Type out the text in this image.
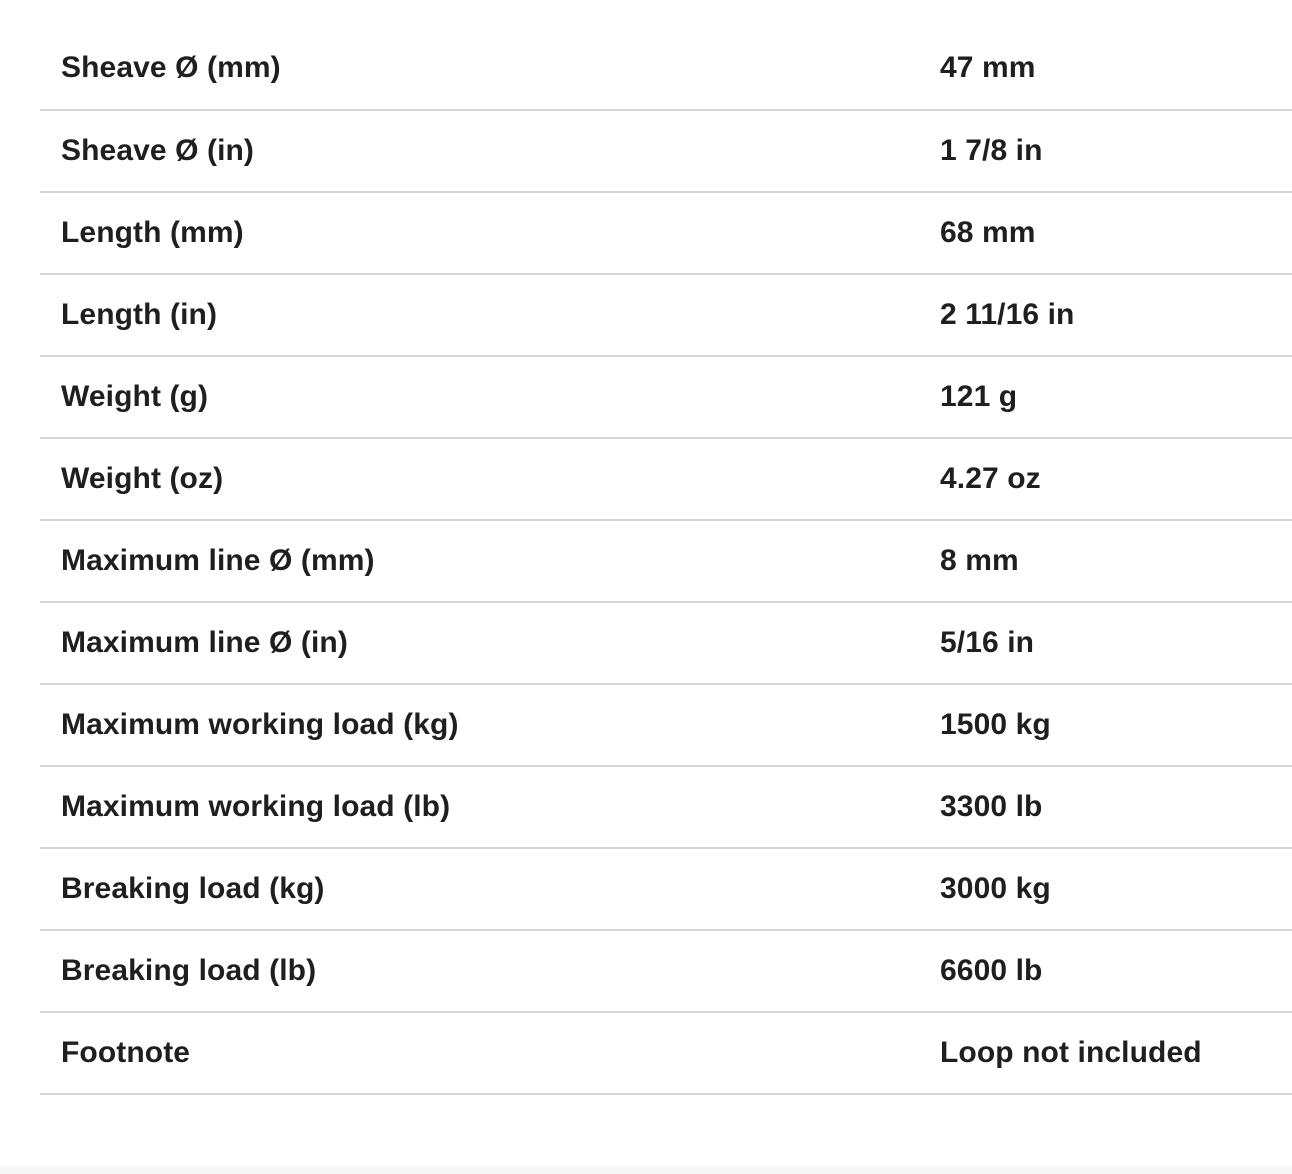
Sheave Ø (mm)	47 mm
Sheave Ø (in)	1 7/8 in
Length (mm)	68 mm
Length (in)	2 11/16 in
Weight (g)	121 g
Weight (oz)	4.27 oz
Maximum line Ø (mm)	8 mm
Maximum line Ø (in)	5/16 in
Maximum working load (kg)	1500 kg
Maximum working load (lb)	3300 lb
Breaking load (kg)	3000 kg
Breaking load (lb)	6600 lb
Footnote	Loop not included
